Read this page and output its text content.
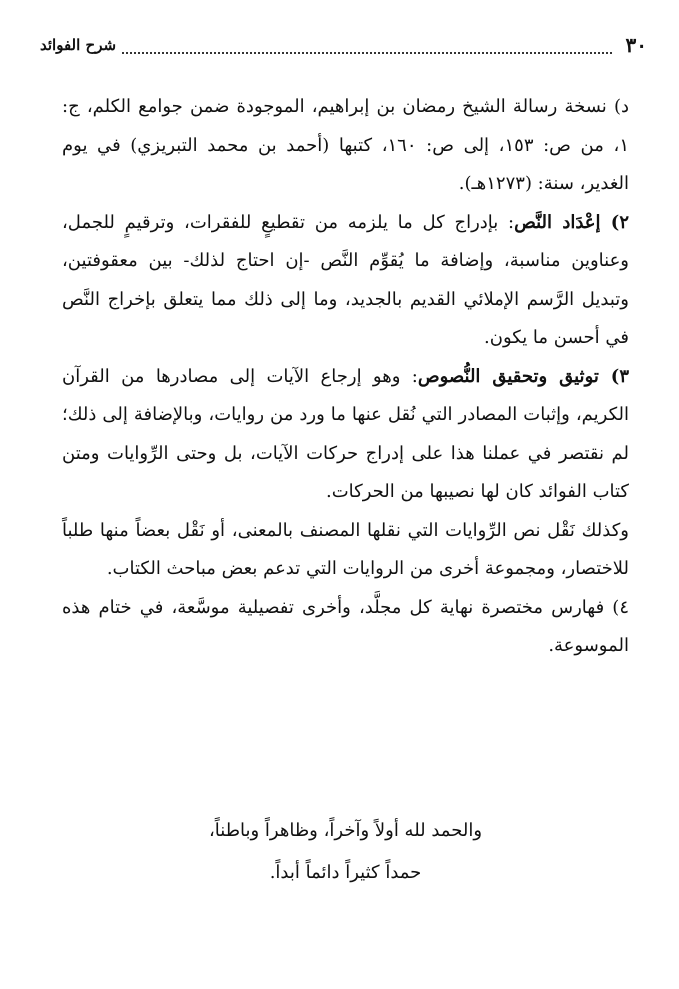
٣٠
شرح الفوائد

د) نسخة رسالة الشيخ رمضان بن إبراهيم، الموجودة ضمن جوامع الكلم، ج: ١، من ص: ١٥٣، إلى ص: ١٦٠، كتبها (أحمد بن محمد التبريزي) في يوم الغدير، سنة: (١٢٧٣هـ).

٢) إعْدَاد النَّص: بإدراج كل ما يلزمه من تقطيعٍ للفقرات، وترقيمٍ للجمل، وعناوين مناسبة، وإضافة ما يُقوِّم النَّص -إن احتاج لذلك- بين معقوفتين، وتبديل الرَّسم الإملائي القديم بالجديد، وما إلى ذلك مما يتعلق بإخراج النَّص في أحسن ما يكون.

٣) توثيق وتحقيق النُّصوص: وهو إرجاع الآيات إلى مصادرها من القرآن الكريم، وإثبات المصادر التي نُقل عنها ما ورد من روايات، وبالإضافة إلى ذلك؛ لم نقتصر في عملنا هذا على إدراج حركات الآيات، بل وحتى الرِّوايات ومتن كتاب الفوائد كان لها نصيبها من الحركات.

وكذلك نَقْل نص الرِّوايات التي نقلها المصنف بالمعنى، أو نَقْل بعضاً منها طلباً للاختصار، ومجموعة أخرى من الروايات التي تدعم بعض مباحث الكتاب.

٤) فهارس مختصرة نهاية كل مجلَّد، وأخرى تفصيلية موسَّعة، في ختام هذه الموسوعة.

والحمد لله أولاً وآخراً، وظاهراً وباطناً،

حمداً كثيراً دائماً أبداً.
